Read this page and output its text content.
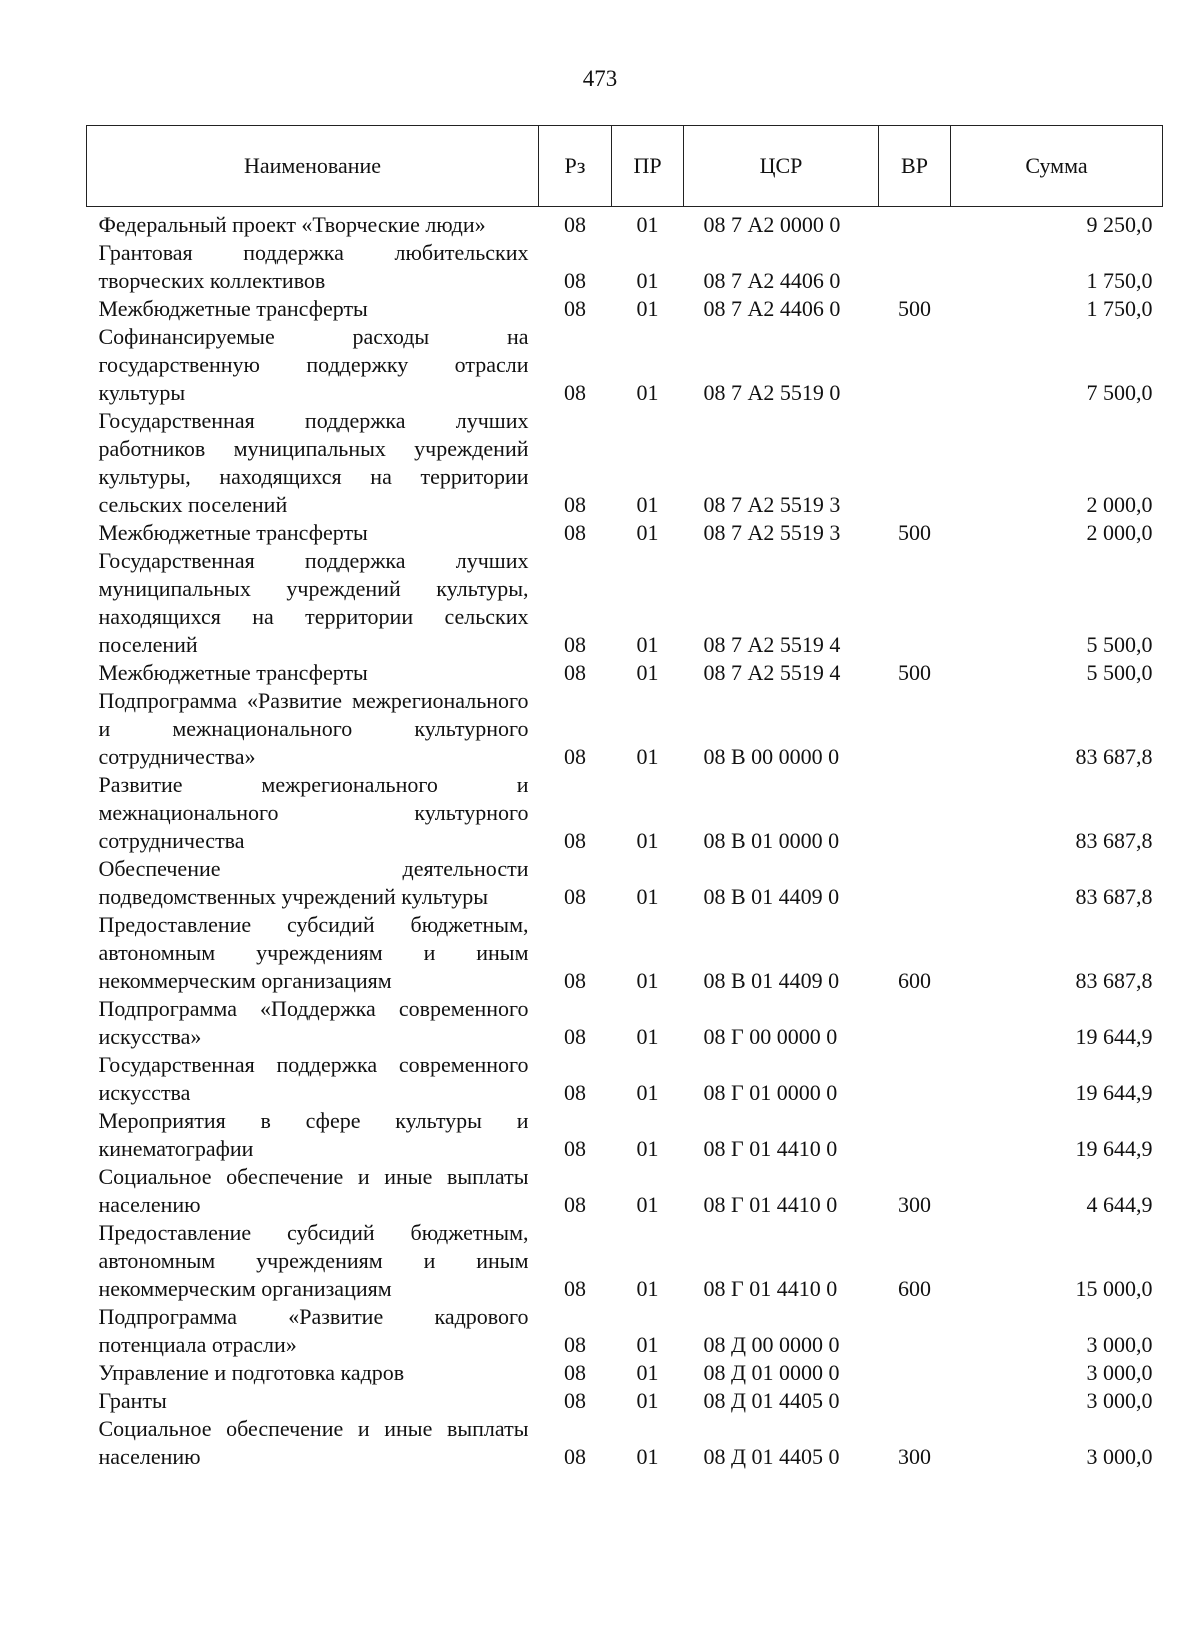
473
Наименование	Рз	ПР	ЦСР	ВР	Сумма
Федеральный проект «Творческие люди»	08	01	08 7 А2 0000 0		9 250,0
Грантовая поддержка любительских творческих коллективов	08	01	08 7 А2 4406 0		1 750,0
Межбюджетные трансферты	08	01	08 7 А2 4406 0	500	1 750,0
Софинансируемые расходы на государственную поддержку отрасли культуры	08	01	08 7 А2 5519 0		7 500,0
Государственная поддержка лучших работников муниципальных учреждений культуры, находящихся на территории сельских поселений	08	01	08 7 А2 5519 3		2 000,0
Межбюджетные трансферты	08	01	08 7 А2 5519 3	500	2 000,0
Государственная поддержка лучших муниципальных учреждений культуры, находящихся на территории сельских поселений	08	01	08 7 А2 5519 4		5 500,0
Межбюджетные трансферты	08	01	08 7 А2 5519 4	500	5 500,0
Подпрограмма «Развитие межрегионального и межнационального культурного сотрудничества»	08	01	08 В 00 0000 0		83 687,8
Развитие межрегионального и межнационального культурного сотрудничества	08	01	08 В 01 0000 0		83 687,8
Обеспечение деятельности подведомственных учреждений культуры	08	01	08 В 01 4409 0		83 687,8
Предоставление субсидий бюджетным, автономным учреждениям и иным некоммерческим организациям	08	01	08 В 01 4409 0	600	83 687,8
Подпрограмма «Поддержка современного искусства»	08	01	08 Г 00 0000 0		19 644,9
Государственная поддержка современного искусства	08	01	08 Г 01 0000 0		19 644,9
Мероприятия в сфере культуры и кинематографии	08	01	08 Г 01 4410 0		19 644,9
Социальное обеспечение и иные выплаты населению	08	01	08 Г 01 4410 0	300	4 644,9
Предоставление субсидий бюджетным, автономным учреждениям и иным некоммерческим организациям	08	01	08 Г 01 4410 0	600	15 000,0
Подпрограмма «Развитие кадрового потенциала отрасли»	08	01	08 Д 00 0000 0		3 000,0
Управление и подготовка кадров	08	01	08 Д 01 0000 0		3 000,0
Гранты	08	01	08 Д 01 4405 0		3 000,0
Социальное обеспечение и иные выплаты населению	08	01	08 Д 01 4405 0	300	3 000,0
